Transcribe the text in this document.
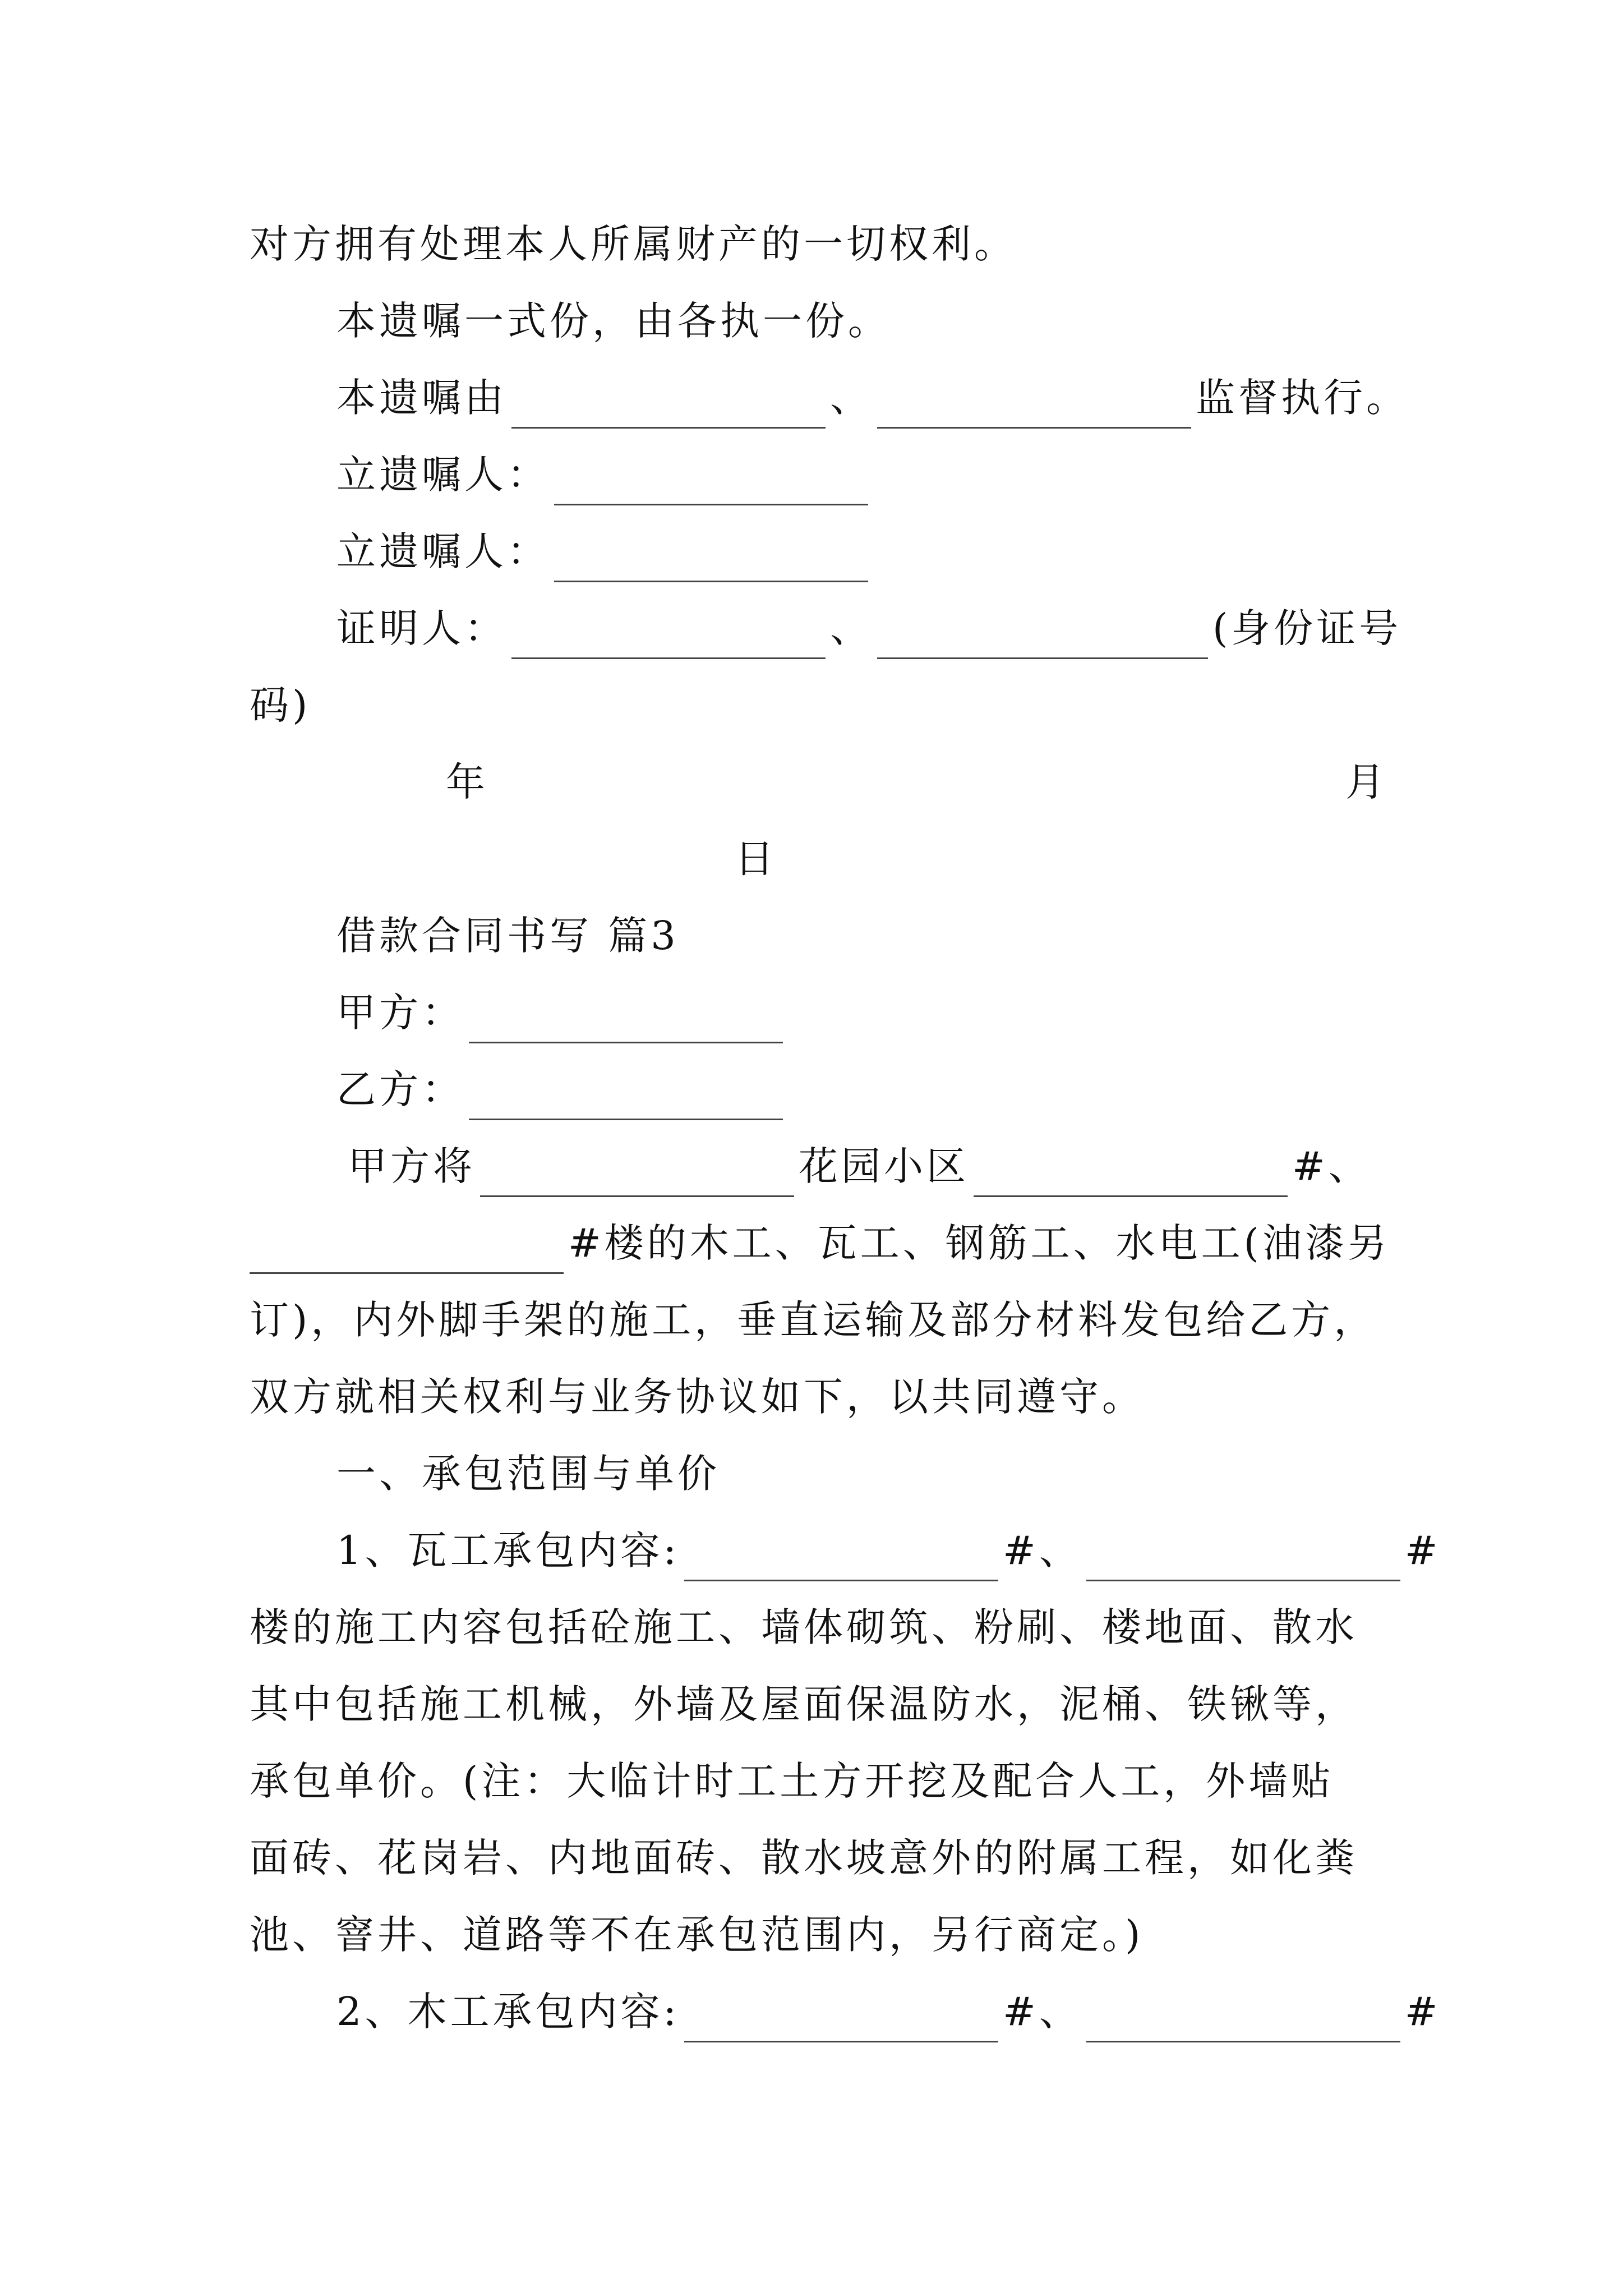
对方拥有处理本人所属财产的一切权利。
本遗嘱一式份，由各执一份。
本遗嘱由	、	监督执行。
立遗嘱人：
立遗嘱人：
证明人：	、	(身份证号
码)
年	月
日
借款合同书写 篇3
甲方：
乙方：
甲方将	花园小区	#、
#楼的木工、瓦工、钢筋工、水电工(油漆另
订)，内外脚手架的施工，垂直运输及部分材料发包给乙方，
双方就相关权利与业务协议如下，以共同遵守。
一、承包范围与单价
1、瓦工承包内容:	#、	#
楼的施工内容包括砼施工、墙体砌筑、粉刷、楼地面、散水
其中包括施工机械，外墙及屋面保温防水，泥桶、铁锹等，
承包单价。(注：大临计时工土方开挖及配合人工，外墙贴
面砖、花岗岩、内地面砖、散水坡意外的附属工程，如化粪
池、窨井、道路等不在承包范围内，另行商定。)
2、木工承包内容:	#、	#
